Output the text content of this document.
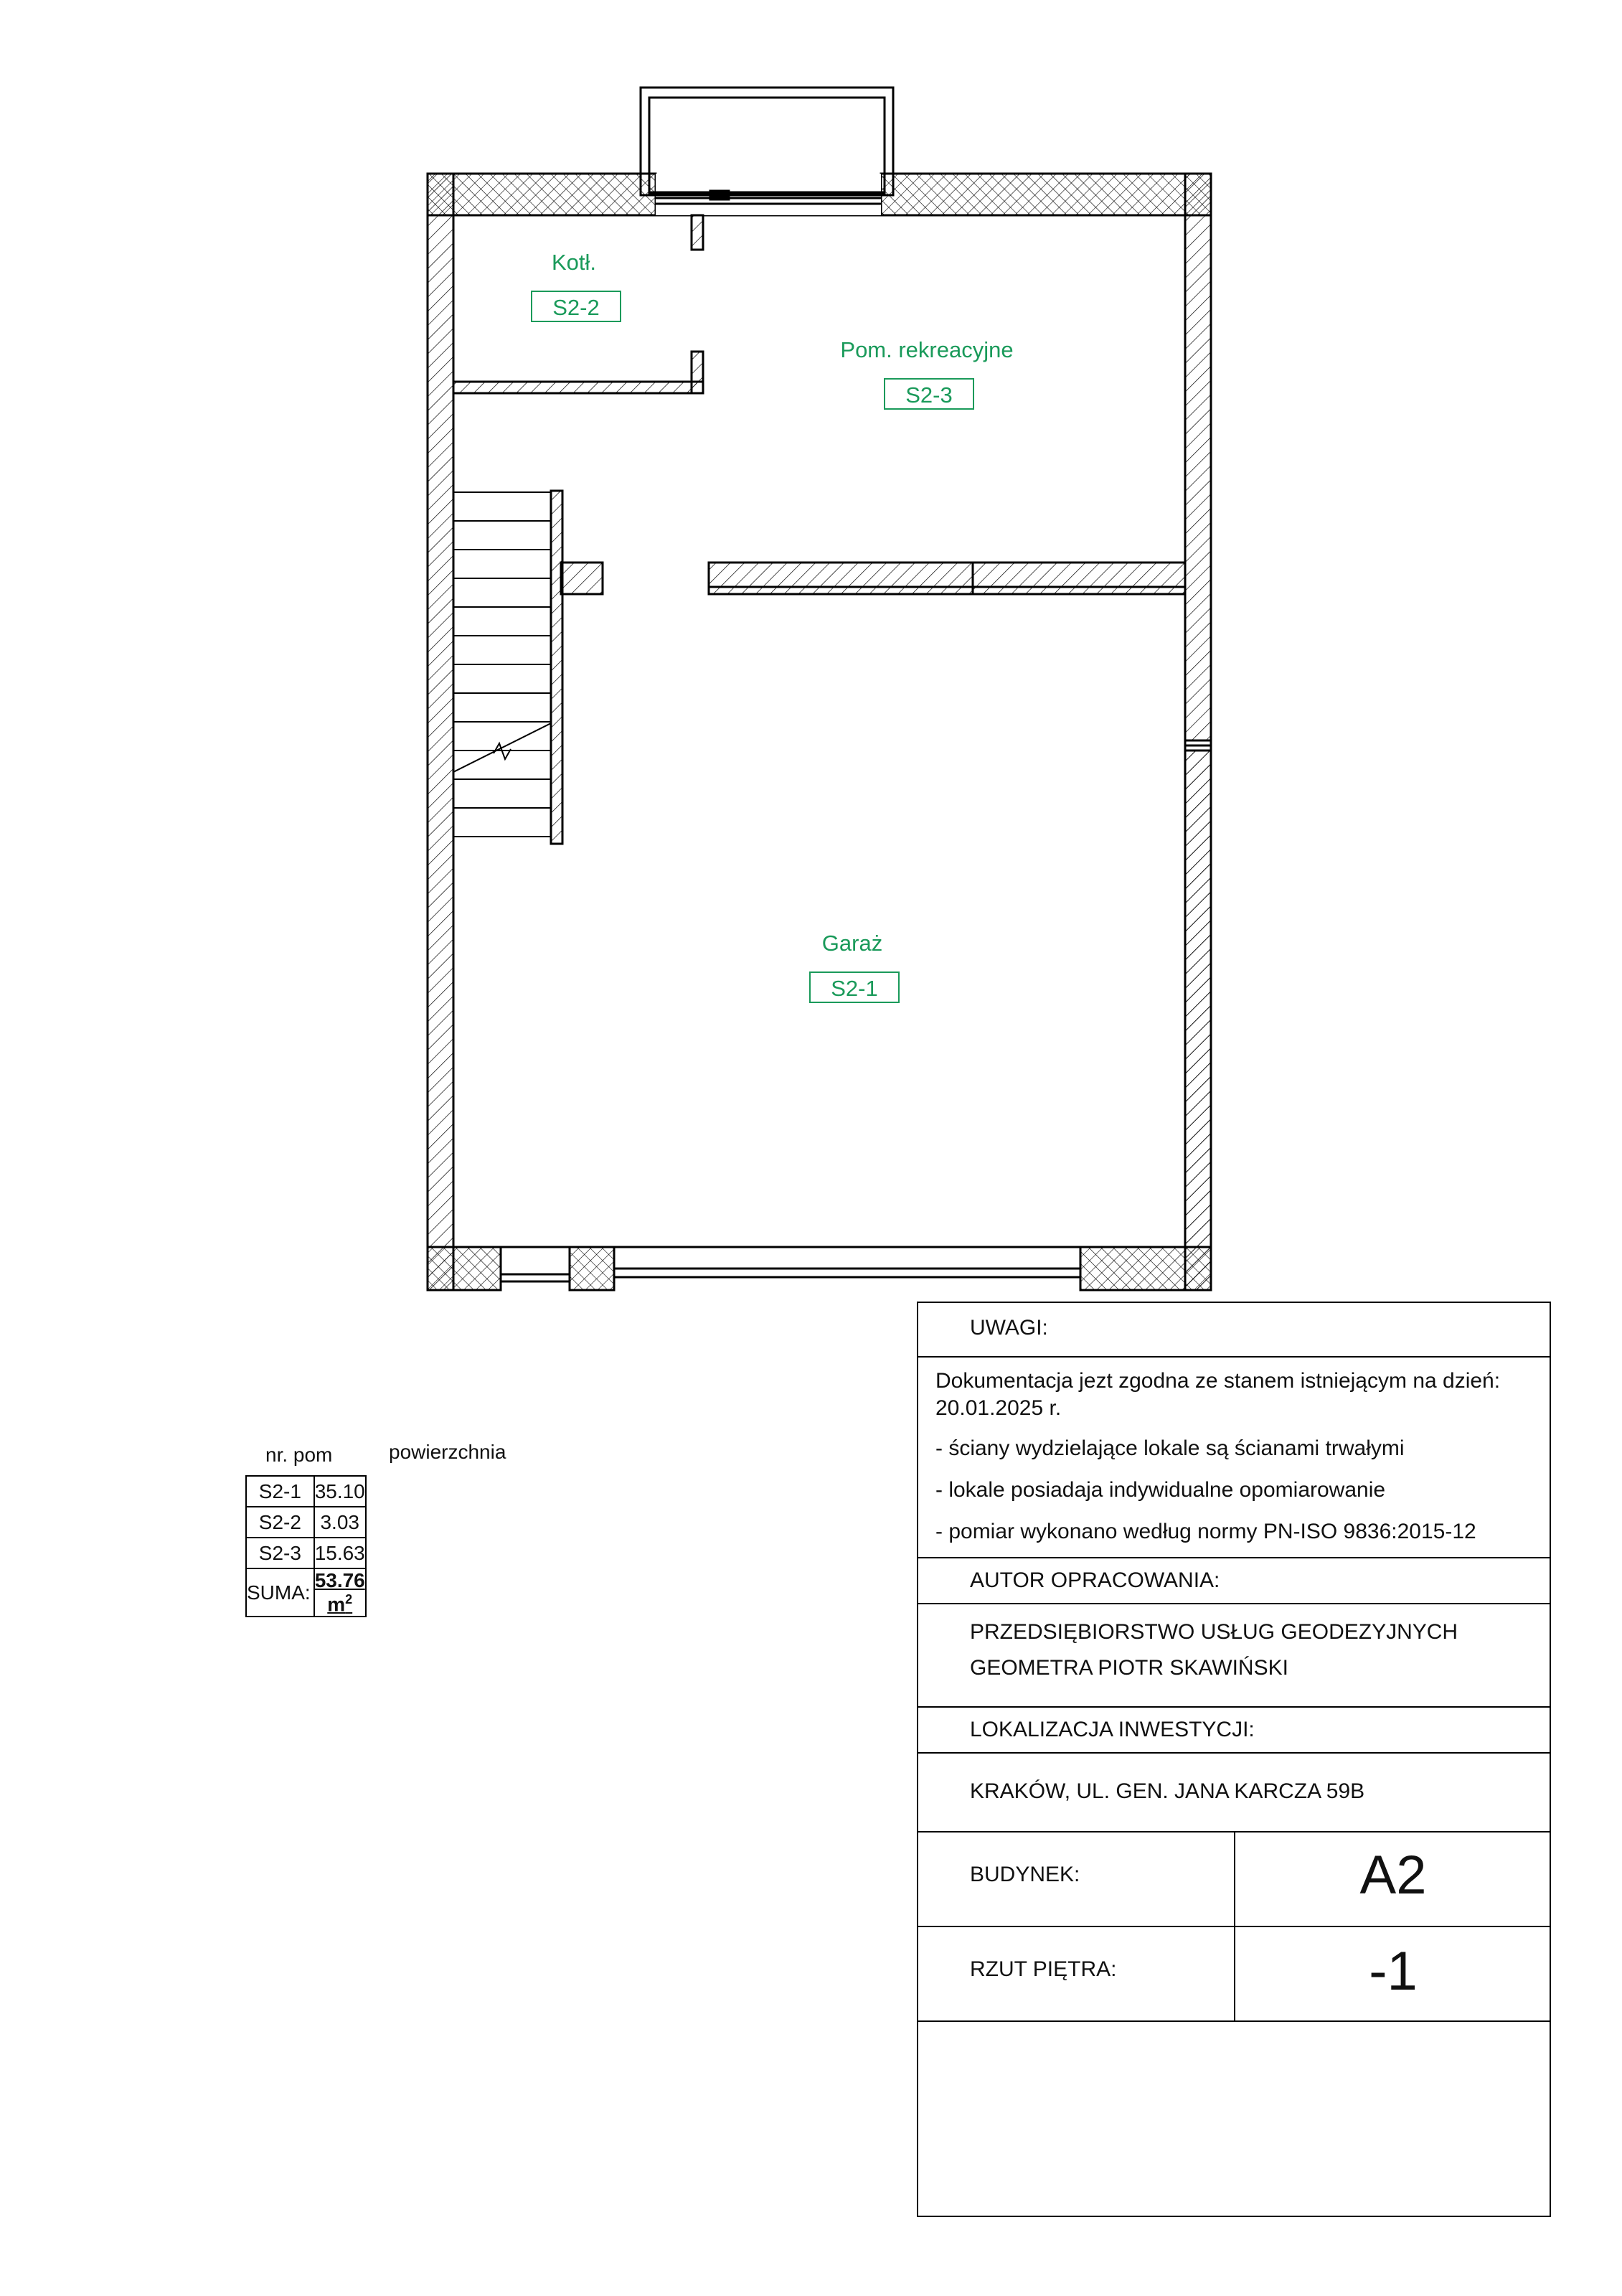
Kotł.
S2-2
Pom. rekreacyjne
S2-3
Garaż
S2-1
nr. pom	powierzchnia
S2-1	35.10
S2-2	3.03
S2-3	15.63
SUMA:	53.76 $m^2$
UWAGI:
Dokumentacja jezt zgodna ze stanem istniejącym na dzień:
20.01.2025 r.
- ściany wydzielające lokale są ścianami trwałymi
- lokale posiadaja indywidualne opomiarowanie
- pomiar wykonano według normy PN-ISO 9836:2015-12
AUTOR OPRACOWANIA:
PRZEDSIĘBIORSTWO USŁUG GEODEZYJNYCH
GEOMETRA PIOTR SKAWIŃSKI
LOKALIZACJA INWESTYCJI:
KRAKÓW, UL. GEN. JANA KARCZA 59B
BUDYNEK:	A2
RZUT PIĘTRA:	-1
